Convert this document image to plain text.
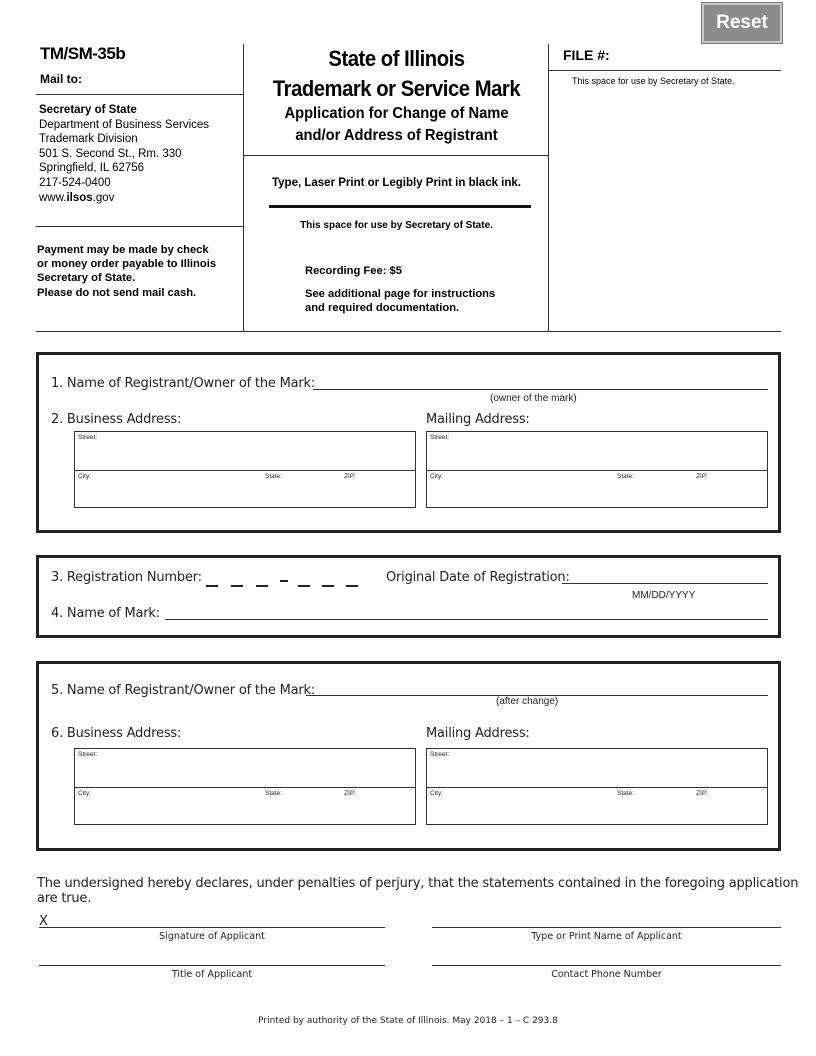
Reset
TM/SM-35b
Mail to:
Secretary of State
Department of Business Services
Trademark Division
501 S. Second St., Rm. 330
Springfield, IL 62756
217-524-0400
www.ilsos.gov
Payment may be made by check
or money order payable to Illinois
Secretary of State.
Please do not send mail cash.
State of Illinois
Trademark or Service Mark
Application for Change of Name
and/or Address of Registrant
Type, Laser Print or Legibly Print in black ink.
This space for use by Secretary of State.
Recording Fee: $5
See additional page for instructions
and required documentation.
FILE #:
This space for use by Secretary of State.
1. Name of Registrant/Owner of the Mark:
(owner of the mark)
2. Business Address:	Mailing Address:
Street:
City:	State:	ZIP:
Street:
City:	State:	ZIP:
3. Registration Number:	Original Date of Registration:
MM/DD/YYYY
4. Name of Mark:
5. Name of Registrant/Owner of the Mark:
(after change)
6. Business Address:	Mailing Address:
Street:
City:	State:	ZIP:
Street:
City:	State:	ZIP:
The undersigned hereby declares, under penalties of perjury, that the statements contained in the foregoing application are true.
X
Signature of Applicant	Type or Print Name of Applicant
Title of Applicant	Contact Phone Number
Printed by authority of the State of Illinois. May 2018 – 1 – C 293.8
